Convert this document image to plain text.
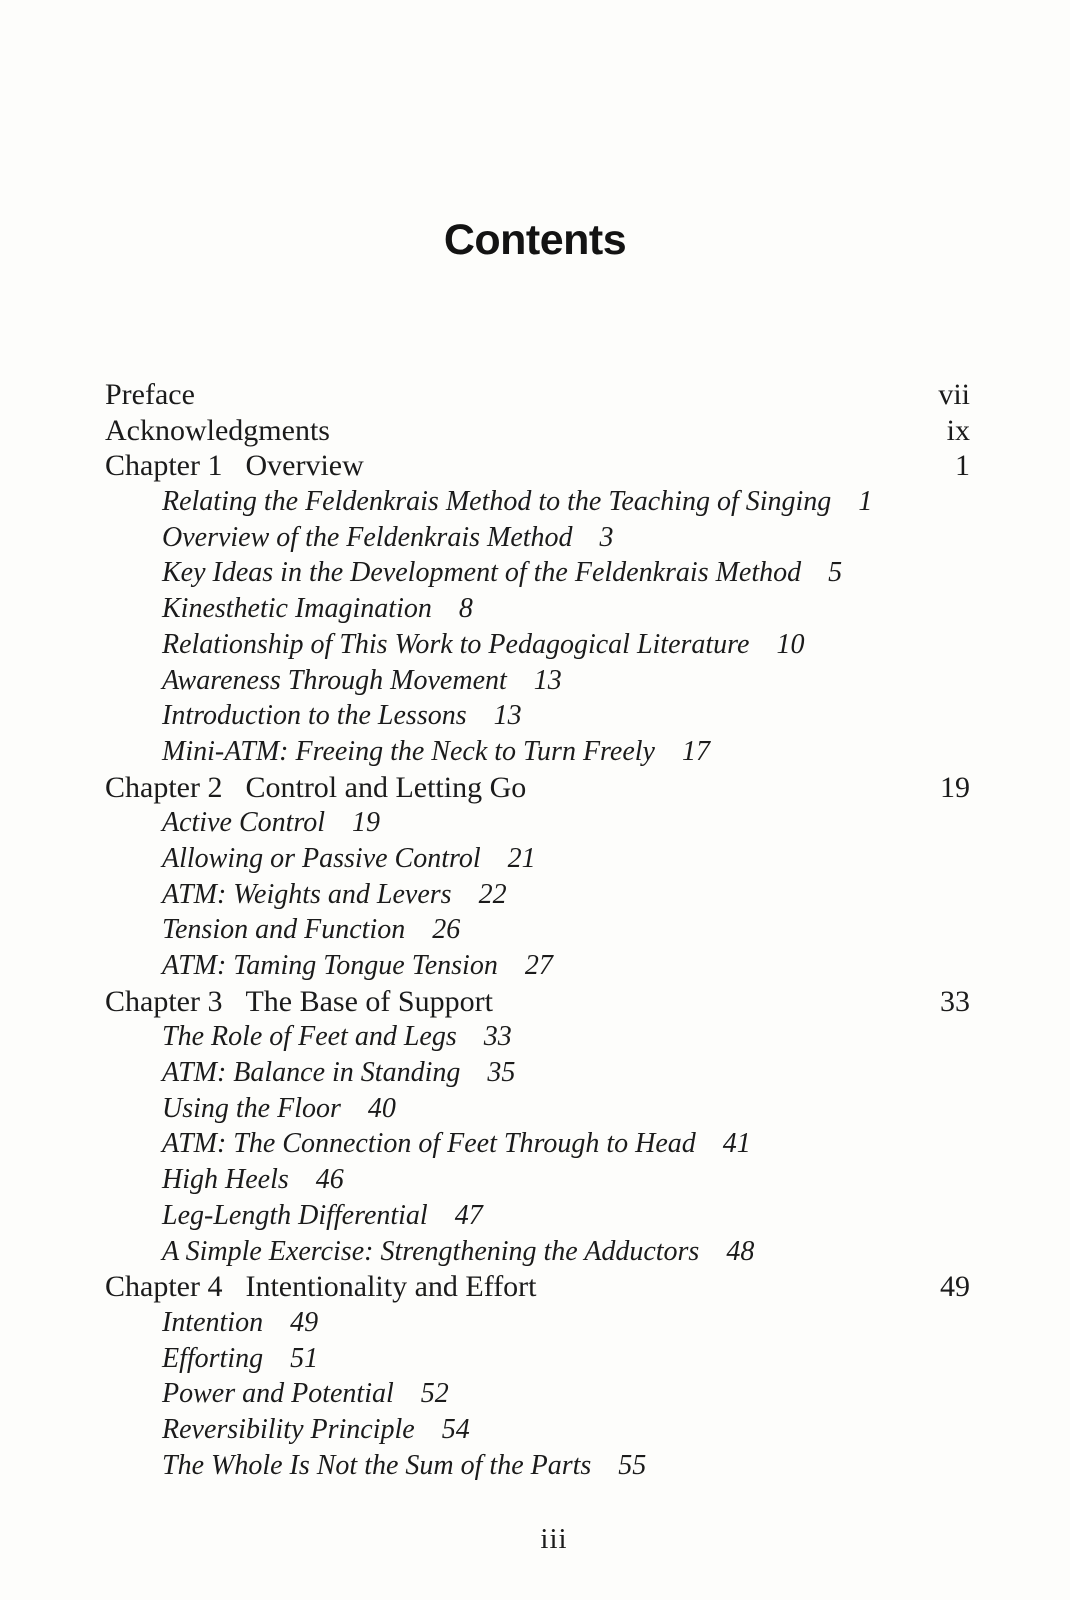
Contents
Preface	vii
Acknowledgments	ix
Chapter 1 Overview	1
Relating the Feldenkrais Method to the Teaching of Singing 1
Overview of the Feldenkrais Method 3
Key Ideas in the Development of the Feldenkrais Method 5
Kinesthetic Imagination 8
Relationship of This Work to Pedagogical Literature 10
Awareness Through Movement 13
Introduction to the Lessons 13
Mini-ATM: Freeing the Neck to Turn Freely 17
Chapter 2 Control and Letting Go	19
Active Control 19
Allowing or Passive Control 21
ATM: Weights and Levers 22
Tension and Function 26
ATM: Taming Tongue Tension 27
Chapter 3 The Base of Support	33
The Role of Feet and Legs 33
ATM: Balance in Standing 35
Using the Floor 40
ATM: The Connection of Feet Through to Head 41
High Heels 46
Leg-Length Differential 47
A Simple Exercise: Strengthening the Adductors 48
Chapter 4 Intentionality and Effort	49
Intention 49
Efforting 51
Power and Potential 52
Reversibility Principle 54
The Whole Is Not the Sum of the Parts 55
iii
